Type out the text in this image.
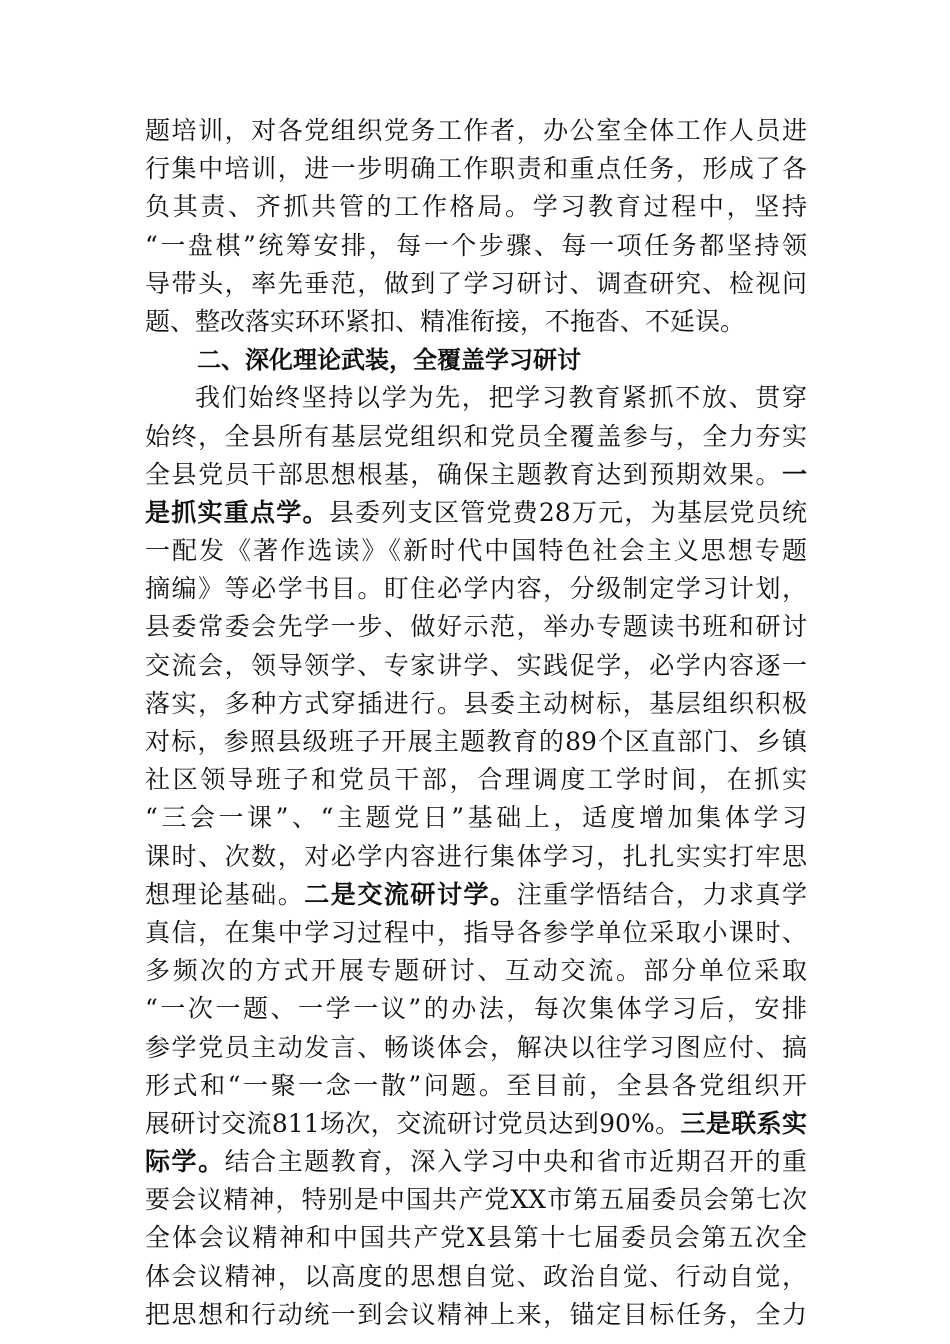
题培训，对各党组织党务工作者，办公室全体工作人员进
行集中培训，进一步明确工作职责和重点任务，形成了各
负其责、齐抓共管的工作格局。学习教育过程中，坚持
“一盘棋”统筹安排，每一个步骤、每一项任务都坚持领
导带头，率先垂范，做到了学习研讨、调查研究、检视问
题、整改落实环环紧扣、精准衔接，不拖沓、不延误。
二、深化理论武装，全覆盖学习研讨
我们始终坚持以学为先，把学习教育紧抓不放、贯穿
始终，全县所有基层党组织和党员全覆盖参与，全力夯实
全县党员干部思想根基，确保主题教育达到预期效果。一
是抓实重点学。县委列支区管党费28万元，为基层党员统
一配发《著作选读》《新时代中国特色社会主义思想专题
摘编》等必学书目。盯住必学内容，分级制定学习计划，
县委常委会先学一步、做好示范，举办专题读书班和研讨
交流会，领导领学、专家讲学、实践促学，必学内容逐一
落实，多种方式穿插进行。县委主动树标，基层组织积极
对标，参照县级班子开展主题教育的89个区直部门、乡镇
社区领导班子和党员干部，合理调度工学时间，在抓实
“三会一课”、“主题党日”基础上，适度增加集体学习
课时、次数，对必学内容进行集体学习，扎扎实实打牢思
想理论基础。二是交流研讨学。注重学悟结合，力求真学
真信，在集中学习过程中，指导各参学单位采取小课时、
多频次的方式开展专题研讨、互动交流。部分单位采取
“一次一题、一学一议”的办法，每次集体学习后，安排
参学党员主动发言、畅谈体会，解决以往学习图应付、搞
形式和“一聚一念一散”问题。至目前，全县各党组织开
展研讨交流811场次，交流研讨党员达到90%。三是联系实
际学。结合主题教育，深入学习中央和省市近期召开的重
要会议精神，特别是中国共产党XX市第五届委员会第七次
全体会议精神和中国共产党X县第十七届委员会第五次全
体会议精神，以高度的思想自觉、政治自觉、行动自觉，
把思想和行动统一到会议精神上来，锚定目标任务，全力
